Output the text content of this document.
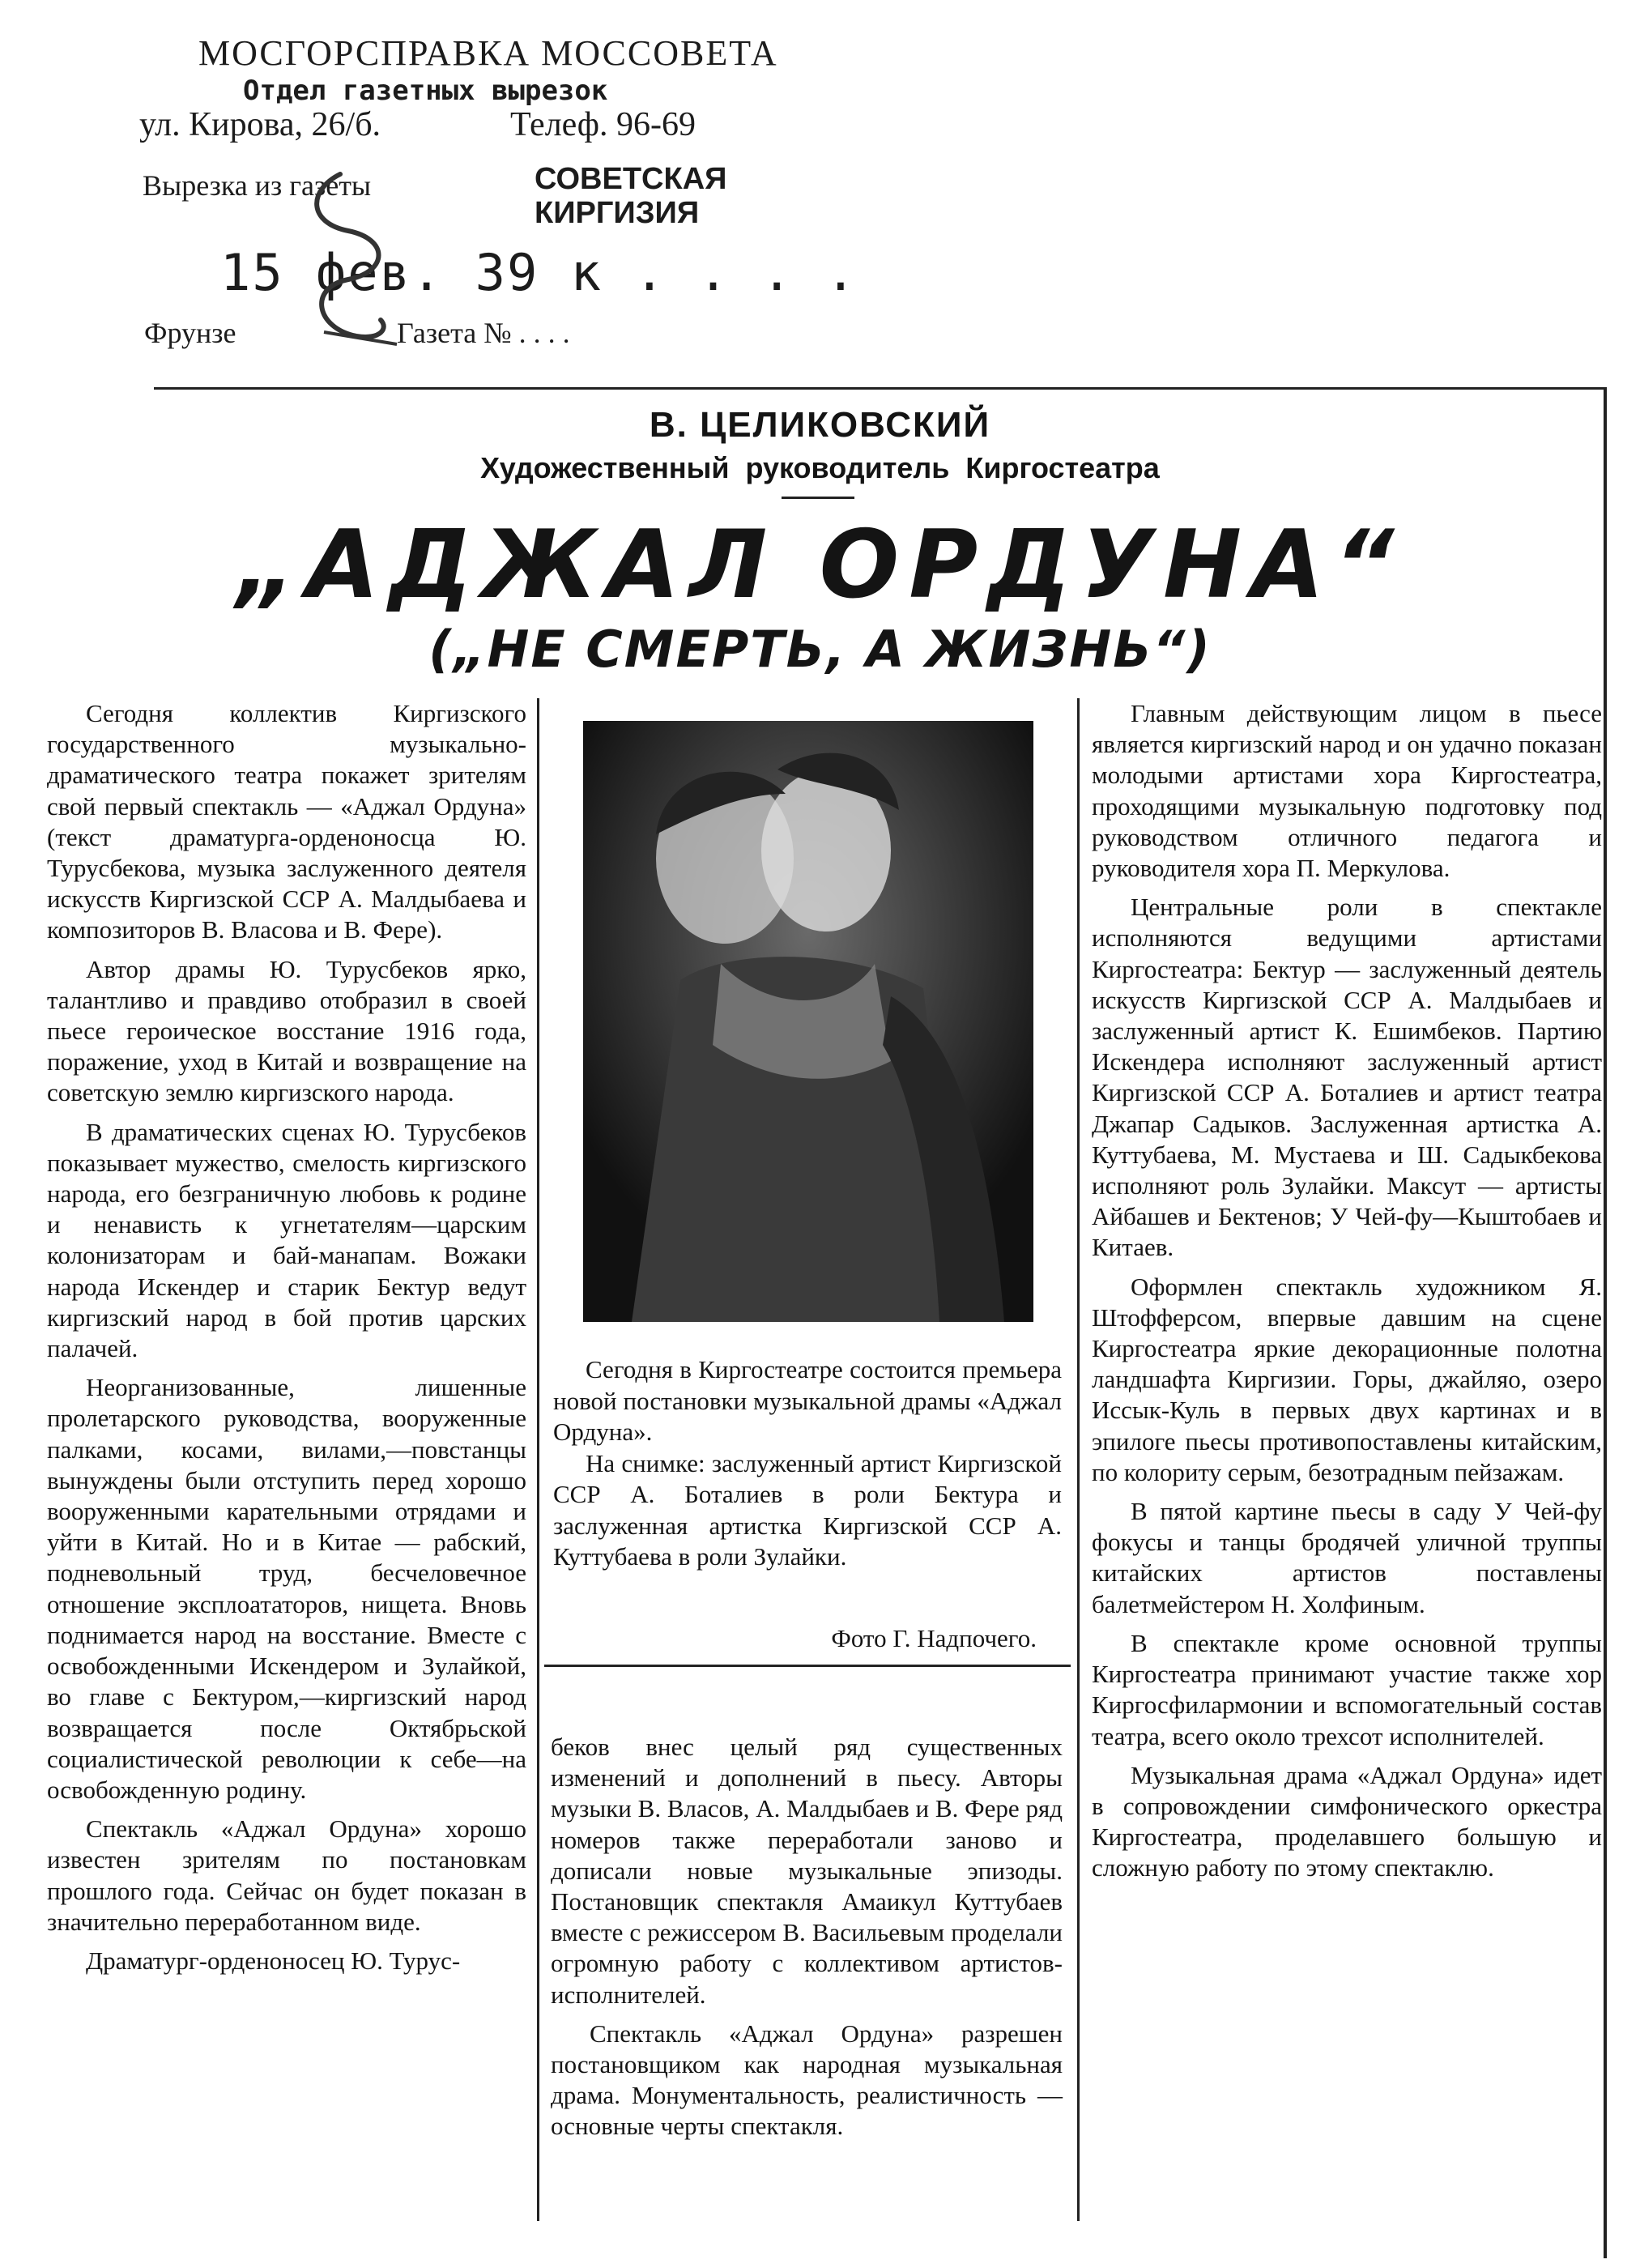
МОСГОРСПРАВКА МОССОВЕТА
Отдел газетных вырезок
ул. Кирова, 26/б.	Телеф. 96-69
Вырезка из газеты	СОВЕТСКАЯ
КИРГИЗИЯ
15 фев. 39 к . . . .
Фрунзе	Газета № . . . .
В. ЦЕЛИКОВСКИЙ
Художественный руководитель Киргостеатра
„АДЖАЛ ОРДУНА“
(„НЕ СМЕРТЬ, А ЖИЗНЬ“)

Сегодня коллектив Киргизского государственного музыкально-драматического театра покажет зрителям свой первый спектакль — «Аджал Ордуна» (текст драматурга-орденоносца Ю. Турусбекова, музыка заслуженного деятеля искусств Киргизской ССР А. Малдыбаева и композиторов В. Власова и В. Фере).

Автор драмы Ю. Турусбеков ярко, талантливо и правдиво отобразил в своей пьесе героическое восстание 1916 года, поражение, уход в Китай и возвращение на советскую землю киргизского народа.

В драматических сценах Ю. Турусбеков показывает мужество, смелость киргизского народа, его безграничную любовь к родине и ненависть к угнетателям—царским колонизаторам и бай-манапам. Вожаки народа Искендер и старик Бектур ведут киргизский народ в бой против царских палачей.

Неорганизованные, лишенные пролетарского руководства, вооруженные палками, косами, вилами,—повстанцы вынуждены были отступить перед хорошо вооруженными карательными отрядами и уйти в Китай. Но и в Китае — рабский, подневольный труд, бесчеловечное отношение эксплоататоров, нищета. Вновь поднимается народ на восстание. Вместе с освобожденными Искендером и Зулайкой, во главе с Бектуром,—киргизский народ возвращается после Октябрьской социалистической революции к себе—на освобожденную родину.

Спектакль «Аджал Ордуна» хорошо известен зрителям по постановкам прошлого года. Сейчас он будет показан в значительно переработанном виде.

Драматург-орденоносец Ю. Турус-

Сегодня в Киргостеатре состоится премьера новой постановки музыкальной драмы «Аджал Ордуна».

На снимке: заслуженный артист Киргизской ССР А. Боталиев в роли Бектура и заслуженная артистка Киргизской ССР А. Куттубаева в роли Зулайки.

Фото Г. Надпочего.

беков внес целый ряд существенных изменений и дополнений в пьесу. Авторы музыки В. Власов, А. Малдыбаев и В. Фере ряд номеров также переработали заново и дописали новые музыкальные эпизоды. Постановщик спектакля Амаикул Куттубаев вместе с режиссером В. Васильевым проделали огромную работу с коллективом артистов-исполнителей.

Спектакль «Аджал Ордуна» разрешен постановщиком как народная музыкальная драма. Монументальность, реалистичность — основные черты спектакля.

Главным действующим лицом в пьесе является киргизский народ и он удачно показан молодыми артистами хора Киргостеатра, проходящими музыкальную подготовку под руководством отличного педагога и руководителя хора П. Меркулова.

Центральные роли в спектакле исполняются ведущими артистами Киргостеатра: Бектур — заслуженный деятель искусств Киргизской ССР А. Малдыбаев и заслуженный артист К. Ешимбеков. Партию Искендера исполняют заслуженный артист Киргизской ССР А. Боталиев и артист театра Джапар Садыков. Заслуженная артистка А. Куттубаева, М. Мустаева и Ш. Садыкбекова исполняют роль Зулайки. Максут — артисты Айбашев и Бектенов; У Чей-фу—Кыштобаев и Китаев.

Оформлен спектакль художником Я. Штофферсом, впервые давшим на сцене Киргостеатра яркие декорационные полотна ландшафта Киргизии. Горы, джайляо, озеро Иссык-Куль в первых двух картинах и в эпилоге пьесы противопоставлены китайским, по колориту серым, безотрадным пейзажам.

В пятой картине пьесы в саду У Чей-фу фокусы и танцы бродячей уличной труппы китайских артистов поставлены балетмейстером Н. Холфиным.

В спектакле кроме основной труппы Киргостеатра принимают участие также хор Киргосфилармонии и вспомогательный состав театра, всего около трехсот исполнителей.

Музыкальная драма «Аджал Ордуна» идет в сопровождении симфонического оркестра Киргостеатра, проделавшего большую и сложную работу по этому спектаклю.
